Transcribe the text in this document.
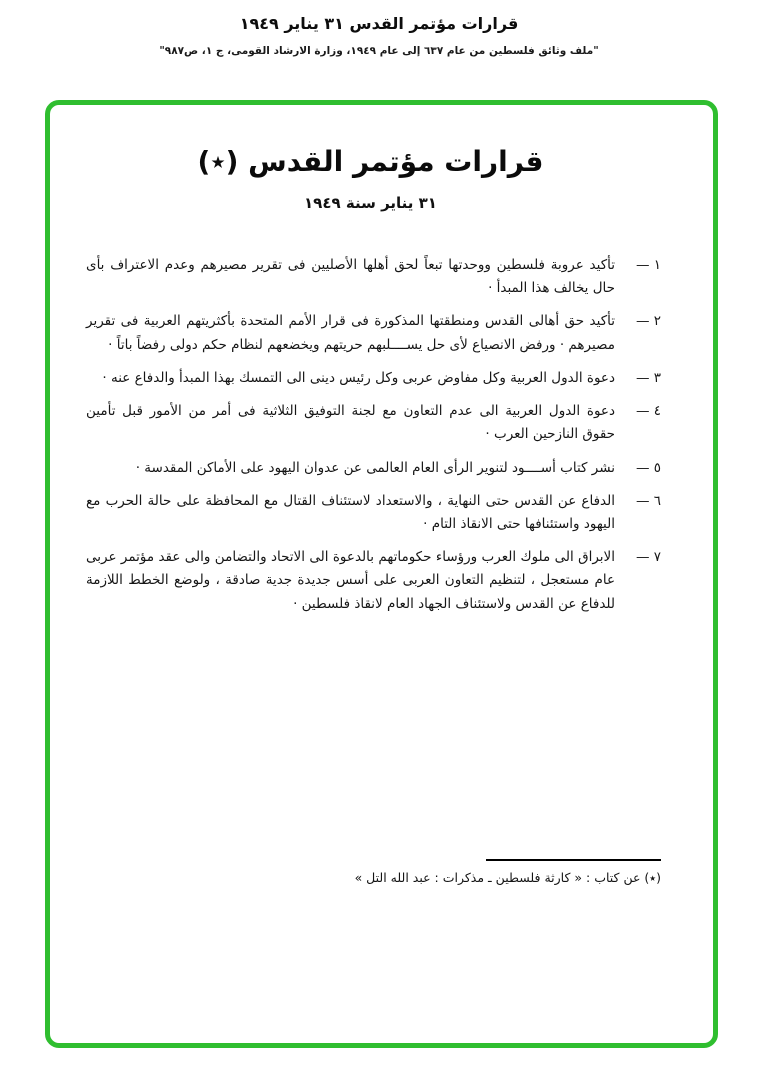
قرارات مؤتمر القدس ٣١ يناير ١٩٤٩
"ملف وثائق فلسطين من عام ٦٣٧ إلى عام ١٩٤٩، وزارة الارشاد القومى، ج ١، ص٩٨٧"
قرارات مؤتمر القدس (٭)
٣١ يناير سنة ١٩٤٩
١ —
تأكيد عروبة فلسطين ووحدتها تبعاً لحق أهلها الأصليين فى تقرير مصيرهم وعدم الاعتراف بأى حال يخالف هذا المبدأ ·
٢ —
تأكيد حق أهالى القدس ومنطقتها المذكورة فى قرار الأمم المتحدة بأكثريتهم العربية فى تقرير مصيرهم · ورفض الانصياع لأى حل يســــلبهم حريتهم ويخضعهم لنظام حكم دولى رفضاً باتاً ·
٣ —
دعوة الدول العربية وكل مفاوض عربى وكل رئيس دينى الى التمسك بهذا المبدأ والدفاع عنه ·
٤ —
دعوة الدول العربية الى عدم التعاون مع لجنة التوفيق الثلاثية فى أمر من الأمور قبل تأمين حقوق النازحين العرب ·
٥ —
نشر كتاب أســــود لتنوير الرأى العام العالمى عن عدوان اليهود على الأماكن المقدسة ·
٦ —
الدفاع عن القدس حتى النهاية ، والاستعداد لاستئناف القتال مع المحافظة على حالة الحرب مع اليهود واستئنافها حتى الانقاذ التام ·
٧ —
الابراق الى ملوك العرب ورؤساء حكوماتهم بالدعوة الى الاتحاد والتضامن والى عقد مؤتمر عربى عام مستعجل ، لتنظيم التعاون العربى على أسس جديدة جدية صادقة ، ولوضع الخطط اللازمة للدفاع عن القدس ولاستئناف الجهاد العام لانقاذ فلسطين ·
(٭) عن كتاب : « كارثة فلسطين ـ مذكرات : عبد الله التل »
